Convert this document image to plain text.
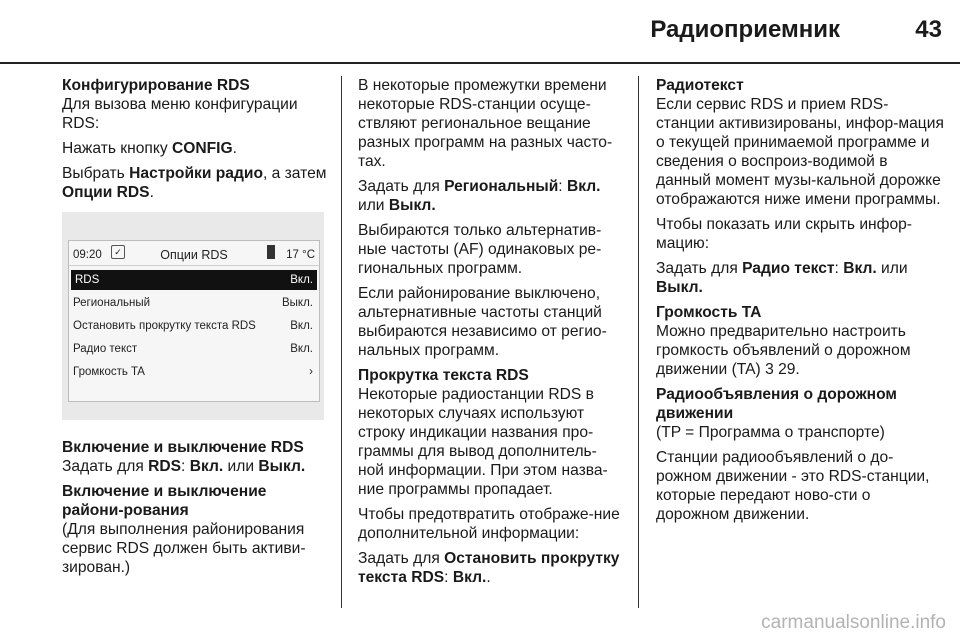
Радиоприемник	43
Конфигурирование RDS

Для вызова меню конфигурации RDS:

Нажать кнопку CONFIG.

Выбрать Настройки радио, а затем Опции RDS.

09:20	✓	Опции RDS	17 °C
RDS	Вкл.
Региональный	Выкл.
Остановить прокрутку текста RDS	Вкл.
Радио текст	Вкл.
Громкость TA	›
Включение и выключение RDS

Задать для RDS: Вкл. или Выкл.

Включение и выключение райони-рования

(Для выполнения районирования сервис RDS должен быть активи-зирован.)

В некоторые промежутки времени некоторые RDS-станции осуще-ствляют региональное вещание разных программ на разных часто-тах.

Задать для Региональный: Вкл. или Выкл.

Выбираются только альтернатив-ные частоты (AF) одинаковых ре-гиональных программ.

Если районирование выключено, альтернативные частоты станций выбираются независимо от регио-нальных программ.

Прокрутка текста RDS

Некоторые радиостанции RDS в некоторых случаях используют строку индикации названия про-граммы для вывод дополнитель-ной информации. При этом назва-ние программы пропадает.

Чтобы предотвратить отображе-ние дополнительной информации:

Задать для Остановить прокрутку текста RDS: Вкл..

Радиотекст

Если сервис RDS и прием RDS-станции активизированы, инфор-мация о текущей принимаемой программе и сведения о воспроиз-водимой в данный момент музы-кальной дорожке отображаются ниже имени программы.

Чтобы показать или скрыть инфор-мацию:

Задать для Радио текст: Вкл. или Выкл.

Громкость TA

Можно предварительно настроить громкость объявлений о дорожном движении (TA) 3 29.

Радиообъявления о дорожном движении

(TP = Программа о транспорте)

Станции радиообъявлений о до-рожном движении - это RDS-станции, которые передают ново-сти о дорожном движении.

carmanualsonline.info
